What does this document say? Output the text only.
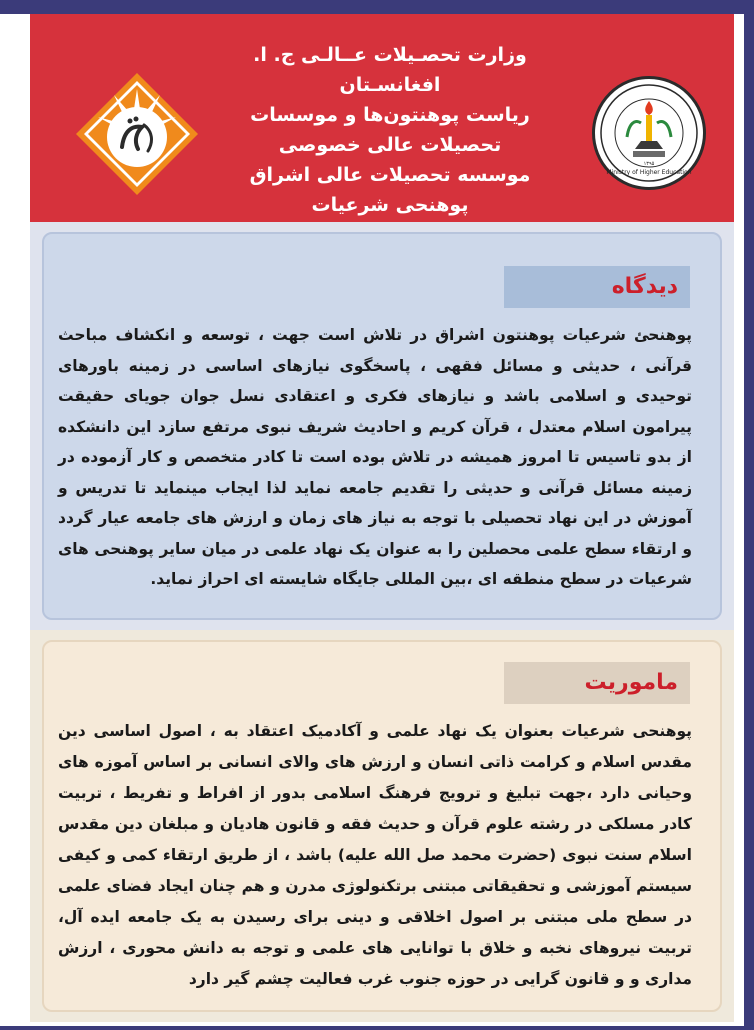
وزارت تحصـیلات عــالـی ج. ا. افغانسـتان
ریاست پوهنتون‌ها و موسسات تحصیلات عالی خصوصی
موسسه تحصیلات عالی اشراق
پوهنحی شرعیات
Ministry of Higher Education
۱۳۹۵
دیدگاه
پوهنحئ شرعیات پوهنتون اشراق در تلاش است جهت ، توسعه و انکشاف مباحث قرآنی ، حدیثی و مسائل فقهی ، پاسخگوی نیازهای اساسی در زمینه باورهای توحیدی و اسلامی باشد و نیازهای فکری و اعتقادی نسل جوان جویای حقیقت پیرامون اسلام معتدل ، قرآن کریم و احادیث شریف نبوی مرتفع سازد این دانشکده از بدو تاسیس تا امروز همیشه در تلاش بوده است تا کادر متخصص و کار آزموده در زمینه مسائل قرآنی و حدیثی را تقدیم جامعه نماید لذا ایجاب مینماید تا تدریس و آموزش در این نهاد تحصیلی با توجه به نیاز های زمان و ارزش های جامعه عیار گردد و ارتقاء سطح علمی محصلین را به عنوان یک نهاد علمی در میان سایر پوهنحی های شرعیات در سطح منطقه ای ،بین المللی جایگاه شایسته ای احراز نماید.
ماموریت
پوهنحی شرعیات بعنوان یک نهاد علمی و آکادمیک اعتقاد به ، اصول اساسی دین مقدس اسلام و کرامت ذاتی انسان و ارزش های والای انسانی بر اساس آموزه های وحیانی دارد ،جهت تبلیغ و ترویج فرهنگ اسلامی بدور از افراط و تفریط ، تربیت کادر مسلکی در رشته علوم قرآن و حدیث فقه و قانون هادیان و مبلغان دین مقدس اسلام سنت نبوی (حضرت محمد صل الله علیه) باشد ، از طریق ارتقاء کمی و کیفی سیستم آموزشی و تحقیقاتی مبتنی برتکنولوژی مدرن و هم چنان ایجاد فضای علمی در سطح ملی مبتنی بر اصول اخلاقی و دینی برای رسیدن به یک جامعه ایده آل، تربیت نیروهای نخبه و خلاق با توانایی های علمی و توجه به دانش محوری ، ارزش مداری و و قانون گرایی در حوزه جنوب غرب فعالیت چشم گیر دارد
